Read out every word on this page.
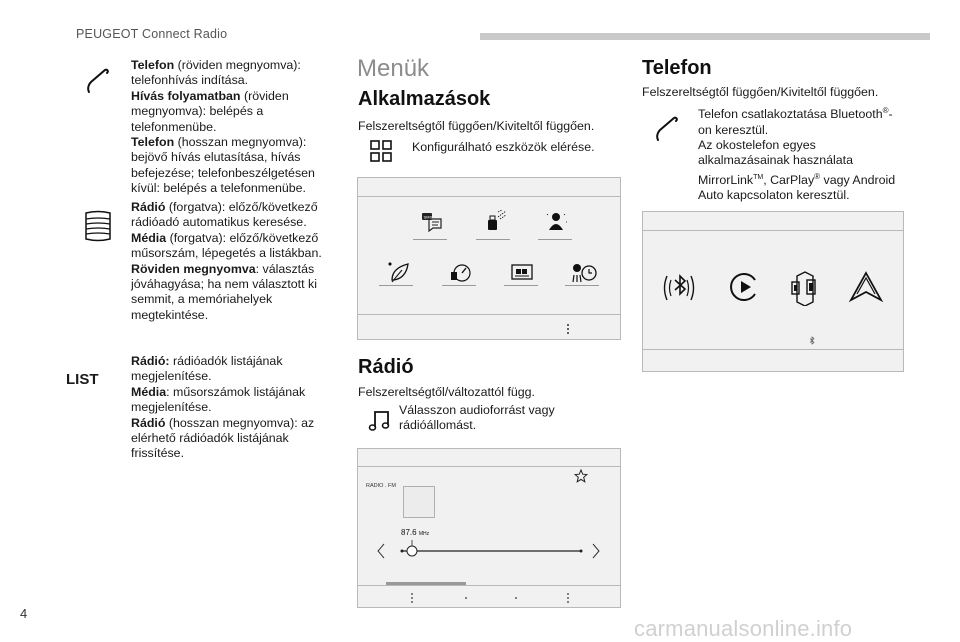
PEUGEOT Connect Radio
Telefon (röviden megnyomva): telefonhívás indítása.
Hívás folyamatban (röviden megnyomva): belépés a telefonmenübe.
Telefon (hosszan megnyomva): bejövő hívás elutasítása, hívás befejezése; telefonbeszélgetésen kívül: belépés a telefonmenübe.
Rádió (forgatva): előző/következő rádióadó automatikus keresése.
Média (forgatva): előző/következő műsorszám, lépegetés a listákban.
Röviden megnyomva: választás jóváhagyása; ha nem választott ki semmit, a memóriahelyek megtekintése.
LIST
Rádió: rádióadók listájának megjelenítése.
Média: műsorszámok listájának megjelenítése.
Rádió (hosszan megnyomva): az elérhető rádióadók listájának frissítése.
Menük
Alkalmazások
Felszereltségtől függően/Kiviteltől függően.
Konfigurálható eszközök elérése.
SMS
Rádió
Felszereltségtől/változattól függ.
Válasszon audioforrást vagy rádióállomást.
RADIO . FM
87.6 MHz
Telefon
Felszereltségtől függően/Kiviteltől függően.
Telefon csatlakoztatása Bluetooth®-on keresztül.
Az okostelefon egyes alkalmazásainak használata
MirrorLink™, CarPlay® vagy Android Auto kapcsolaton keresztül.
4
carmanualsonline.info
